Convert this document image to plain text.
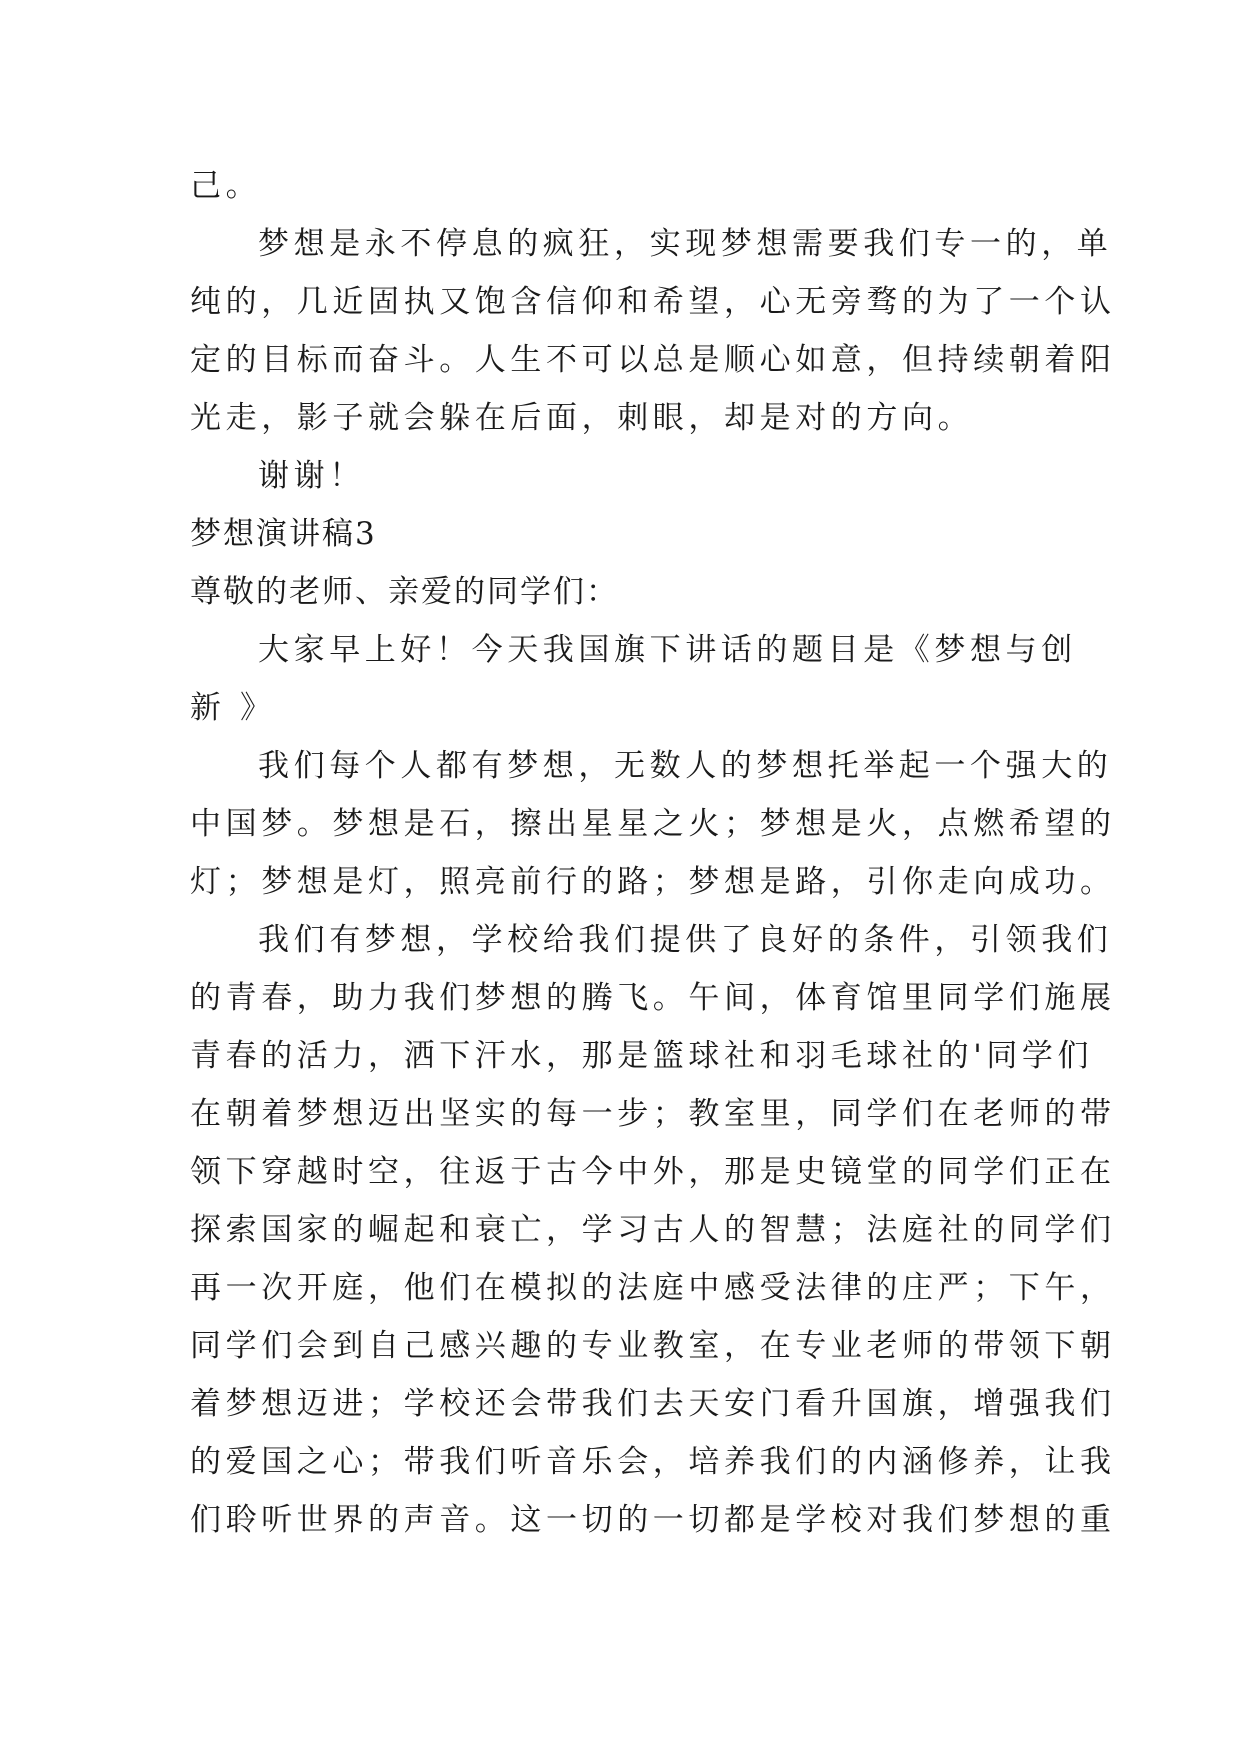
己。
梦想是永不停息的疯狂，实现梦想需要我们专一的，单
纯的，几近固执又饱含信仰和希望，心无旁骛的为了一个认
定的目标而奋斗。人生不可以总是顺心如意，但持续朝着阳
光走，影子就会躲在后面，刺眼，却是对的方向。
谢谢！
梦想演讲稿3
尊敬的老师、亲爱的同学们：
大家早上好！今天我国旗下讲话的题目是《梦想与创
新 》
我们每个人都有梦想，无数人的梦想托举起一个强大的
中国梦。梦想是石，擦出星星之火；梦想是火，点燃希望的
灯；梦想是灯，照亮前行的路；梦想是路，引你走向成功。
我们有梦想，学校给我们提供了良好的条件，引领我们
的青春，助力我们梦想的腾飞。午间，体育馆里同学们施展
青春的活力，洒下汗水，那是篮球社和羽毛球社的'同学们
在朝着梦想迈出坚实的每一步；教室里，同学们在老师的带
领下穿越时空，往返于古今中外，那是史镜堂的同学们正在
探索国家的崛起和衰亡，学习古人的智慧；法庭社的同学们
再一次开庭，他们在模拟的法庭中感受法律的庄严；下午，
同学们会到自己感兴趣的专业教室，在专业老师的带领下朝
着梦想迈进；学校还会带我们去天安门看升国旗，增强我们
的爱国之心；带我们听音乐会，培养我们的内涵修养，让我
们聆听世界的声音。这一切的一切都是学校对我们梦想的重
